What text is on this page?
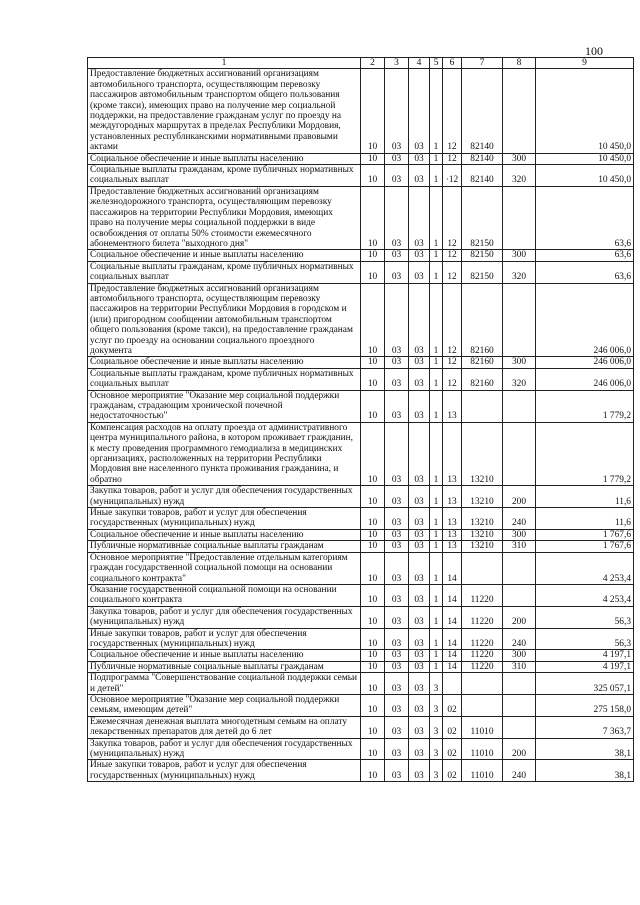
100
1	2	3	4	5	6	7	8	9
Предоставление бюджетных ассигнований организациям автомобильного транспорта, осуществляющим перевозку пассажиров автомобильным транспортом общего пользования (кроме такси), имеющих право на получение мер социальной поддержки, на предоставление гражданам услуг по проезду на междугородных маршрутах в пределах Республики Мордовия, установленных республиканскими нормативными правовыми актами	10	03	03	1	12	82140		10 450,0
Социальное обеспечение и иные выплаты населению	10	03	03	1	12	82140	300	10 450,0
Социальные выплаты гражданам, кроме публичных нормативных социальных выплат	10	03	03	1	·12	82140	320	10 450,0
Предоставление бюджетных ассигнований организациям железнодорожного транспорта, осуществляющим перевозку пассажиров на территории Республики Мордовия, имеющих право на получение меры социальной поддержки в виде освобождения от оплаты 50% стоимости ежемесячного абонементного билета "выходного дня"	10	03	03	1	12	82150		63,6
Социальное обеспечение и иные выплаты населению	10	03	03	1	12	82150	300	63,6
Социальные выплаты гражданам, кроме публичных нормативных социальных выплат	10	03	03	1	12	82150	320	63,6
Предоставление бюджетных ассигнований организациям автомобильного транспорта, осуществляющим перевозку пассажиров на территории Республики Мордовия в городском и (или) пригородном сообщении автомобильным транспортом общего пользования (кроме такси), на предоставление гражданам услуг по проезду на основании социального проездного документа	10	03	03	1	12	82160		246 006,0
Социальное обеспечение и иные выплаты населению	10	03	03	1	12	82160	300	246 006,0
Социальные выплаты гражданам, кроме публичных нормативных социальных выплат	10	03	03	1	12	82160	320	246 006,0
Основное мероприятие "Оказание мер социальной поддержки гражданам, страдающим хронической почечной недостаточностью"	10	03	03	1	13			1 779,2
Компенсация расходов на оплату проезда от административного центра муниципального района, в котором проживает гражданин, к месту проведения программного гемодиализа в медицинских организациях, расположенных на территории Республики Мордовия вне населенного пункта проживания гражданина, и обратно	10	03	03	1	13	13210		1 779,2
Закупка товаров, работ и услуг для обеспечения государственных (муниципальных) нужд	10	03	03	1	13	13210	200	11,6
Иные закупки товаров, работ и услуг для обеспечения государственных (муниципальных) нужд	10	03	03	1	13	13210	240	11,6
Социальное обеспечение и иные выплаты населению	10	03	03	1	13	13210	300	1 767,6
Публичные нормативные социальные выплаты гражданам	10	03	03	1	13	13210	310	1 767,6
Основное мероприятие "Предоставление отдельным категориям граждан государственной социальной помощи на основании социального контракта"	10	03	03	1	14			4 253,4
Оказание государственной социальной помощи на основании социального контракта	10	03	03	1	14	11220		4 253,4
Закупка товаров, работ и услуг для обеспечения государственных (муниципальных) нужд	10	03	03	1	14	11220	200	56,3
Иные закупки товаров, работ и услуг для обеспечения государственных (муниципальных) нужд	10	03	03	1	14	11220	240	56,3
Социальное обеспечение и иные выплаты населению	10	03	03	1	14	11220	300	4 197,1
Публичные нормативные социальные выплаты гражданам	10	03	03	1	14	11220	310	4 197,1
Подпрограмма "Совершенствование социальной поддержки семьи и детей"	10	03	03	3				325 057,1
Основное мероприятие "Оказание мер социальной поддержки семьям, имеющим детей"	10	03	03	3	02			275 158,0
Ежемесячная денежная выплата многодетным семьям на оплату лекарственных препаратов для детей до 6 лет	10	03	03	3	02	11010		7 363,7
Закупка товаров, работ и услуг для обеспечения государственных (муниципальных) нужд	10	03	03	3	02	11010	200	38,1
Иные закупки товаров, работ и услуг для обеспечения государственных (муниципальных) нужд	10	03	03	3	02	11010	240	38,1
